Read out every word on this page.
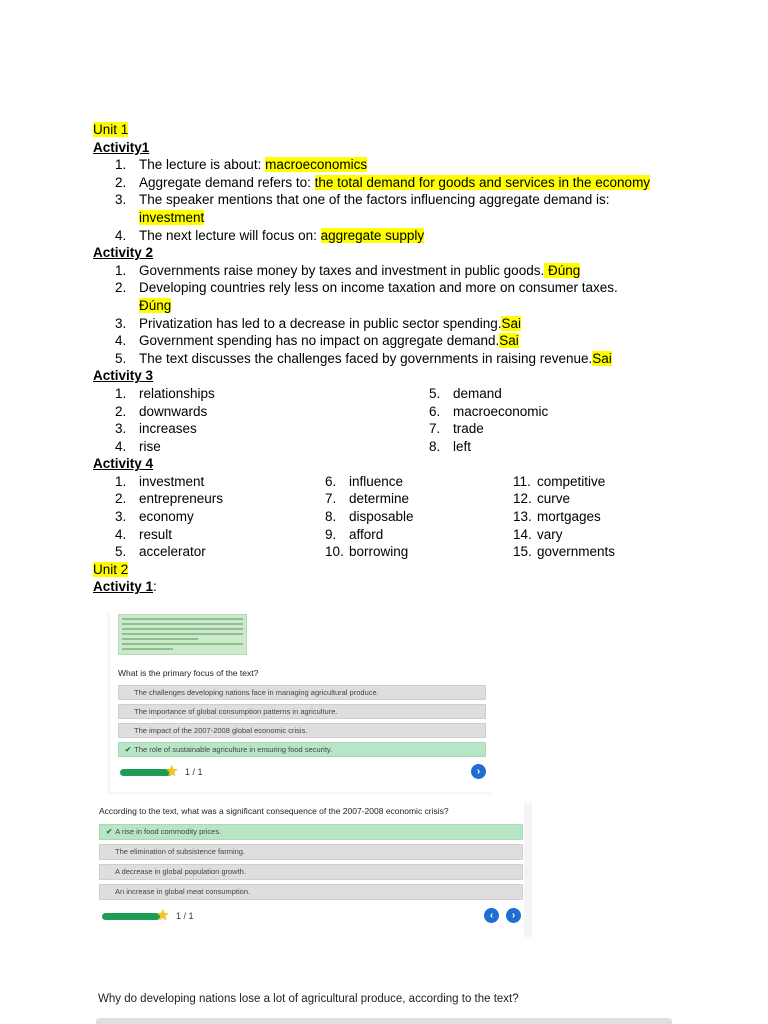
Unit 1
Activity1
1. The lecture is about: macroeconomics
2. Aggregate demand refers to: the total demand for goods and services in the economy
3. The speaker mentions that one of the factors influencing aggregate demand is: investment
4. The next lecture will focus on: aggregate supply
Activity 2
1. Governments raise money by taxes and investment in public goods. Đúng
2. Developing countries rely less on income taxation and more on consumer taxes. Đúng
3. Privatization has led to a decrease in public sector spending.Sai
4. Government spending has no impact on aggregate demand.Sai
5. The text discusses the challenges faced by governments in raising revenue.Sai
Activity 3
1. relationships
2. downwards
3. increases
4. rise
5. demand
6. macroeconomic
7. trade
8. left
Activity 4
1. investment
2. entrepreneurs
3. economy
4. result
5. accelerator
6. influence
7. determine
8. disposable
9. afford
10. borrowing
11. competitive
12. curve
13. mortgages
14. vary
15. governments
Unit 2
Activity 1:
What is the primary focus of the text?
The challenges developing nations face in managing agricultural produce.
The importance of global consumption patterns in agriculture.
The impact of the 2007-2008 global economic crisis.
✔ The role of sustainable agriculture in ensuring food security.
★ 1 / 1	›
According to the text, what was a significant consequence of the 2007-2008 economic crisis?
✔ A rise in food commodity prices.
The elimination of subsistence farming.
A decrease in global population growth.
An increase in global meat consumption.
★ 1 / 1	‹	›
Why do developing nations lose a lot of agricultural produce, according to the text?
